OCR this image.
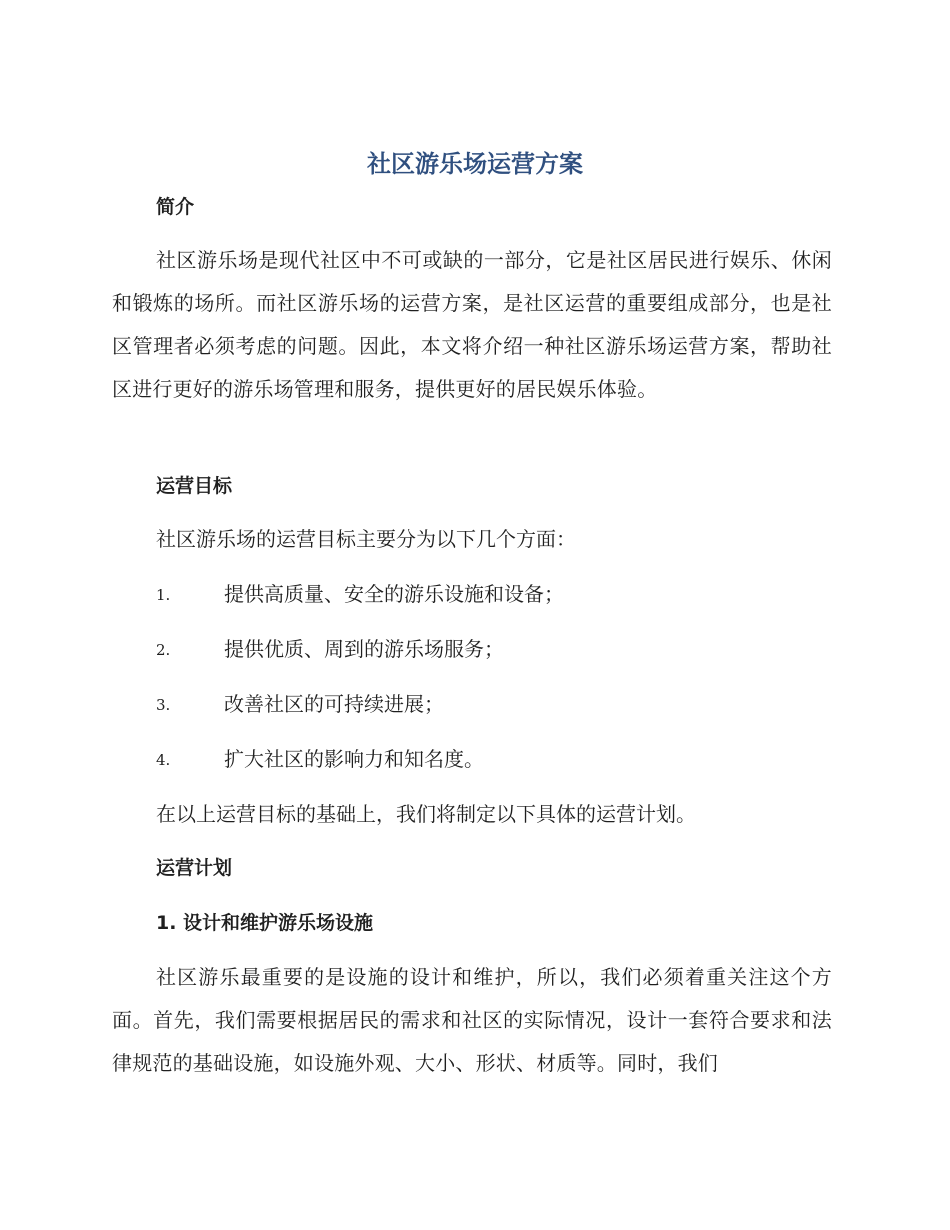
社区游乐场运营方案
简介
社区游乐场是现代社区中不可或缺的一部分，它是社区居民进行娱乐、休闲和锻炼的场所。而社区游乐场的运营方案，是社区运营的重要组成部分，也是社区管理者必须考虑的问题。因此，本文将介绍一种社区游乐场运营方案，帮助社区进行更好的游乐场管理和服务，提供更好的居民娱乐体验。
运营目标
社区游乐场的运营目标主要分为以下几个方面：
1.	提供高质量、安全的游乐设施和设备；
2.	提供优质、周到的游乐场服务；
3.	改善社区的可持续进展；
4.	扩大社区的影响力和知名度。
在以上运营目标的基础上，我们将制定以下具体的运营计划。
运营计划
1. 设计和维护游乐场设施
社区游乐最重要的是设施的设计和维护，所以，我们必须着重关注这个方面。首先，我们需要根据居民的需求和社区的实际情况，设计一套符合要求和法律规范的基础设施，如设施外观、大小、形状、材质等。同时，我们
